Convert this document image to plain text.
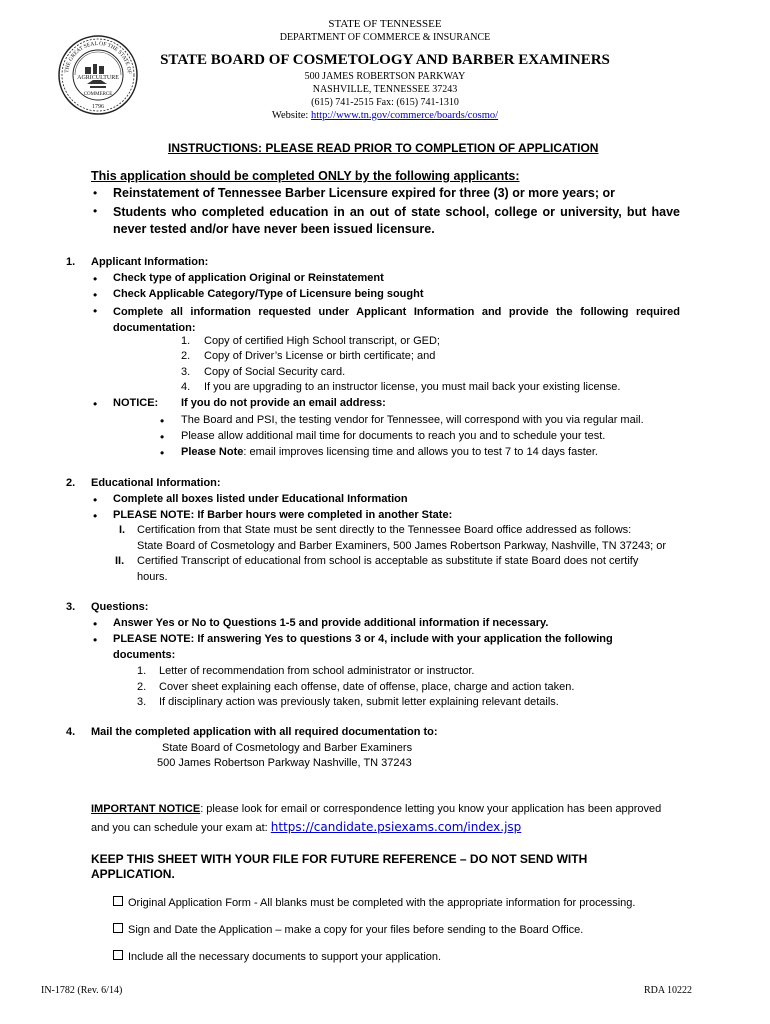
AGRICULTURE
COMMERCE
1796
THE GREAT SEAL OF THE STATE OF
STATE OF TENNESSEE
DEPARTMENT OF COMMERCE & INSURANCE
STATE BOARD OF COSMETOLOGY AND BARBER EXAMINERS
500 JAMES ROBERTSON PARKWAY
NASHVILLE, TENNESSEE 37243
(615) 741-2515 Fax: (615) 741-1310
Website: http://www.tn.gov/commerce/boards/cosmo/
INSTRUCTIONS: PLEASE READ PRIOR TO COMPLETION OF APPLICATION
This application should be completed ONLY by the following applicants:
• Reinstatement of Tennessee Barber Licensure expired for three (3) or more years; or
• Students who completed education in an out of state school, college or university, but have never tested and/or have never been issued licensure.
1. Applicant Information:
• Check type of application Original or Reinstatement
• Check Applicable Category/Type of Licensure being sought
• Complete all information requested under Applicant Information and provide the following required documentation:
1. Copy of certified High School transcript, or GED;
2. Copy of Driver’s License or birth certificate; and
3. Copy of Social Security card.
4. If you are upgrading to an instructor license, you must mail back your existing license.
• NOTICE: If you do not provide an email address:
• The Board and PSI, the testing vendor for Tennessee, will correspond with you via regular mail.
• Please allow additional mail time for documents to reach you and to schedule your test.
• Please Note: email improves licensing time and allows you to test 7 to 14 days faster.
2. Educational Information:
• Complete all boxes listed under Educational Information
• PLEASE NOTE: If Barber hours were completed in another State:
I. Certification from that State must be sent directly to the Tennessee Board office addressed as follows:
State Board of Cosmetology and Barber Examiners, 500 James Robertson Parkway, Nashville, TN 37243; or
II. Certified Transcript of educational from school is acceptable as substitute if state Board does not certify
hours.
3. Questions:
• Answer Yes or No to Questions 1-5 and provide additional information if necessary.
• PLEASE NOTE: If answering Yes to questions 3 or 4, include with your application the following
documents:
1. Letter of recommendation from school administrator or instructor.
2. Cover sheet explaining each offense, date of offense, place, charge and action taken.
3. If disciplinary action was previously taken, submit letter explaining relevant details.
4. Mail the completed application with all required documentation to:
State Board of Cosmetology and Barber Examiners
500 James Robertson Parkway Nashville, TN 37243
IMPORTANT NOTICE: please look for email or correspondence letting you know your application has been approved
and you can schedule your exam at: https://candidate.psiexams.com/index.jsp
KEEP THIS SHEET WITH YOUR FILE FOR FUTURE REFERENCE – DO NOT SEND WITH
APPLICATION.
Original Application Form - All blanks must be completed with the appropriate information for processing.
Sign and Date the Application – make a copy for your files before sending to the Board Office.
Include all the necessary documents to support your application.
IN-1782 (Rev. 6/14)	RDA 10222
